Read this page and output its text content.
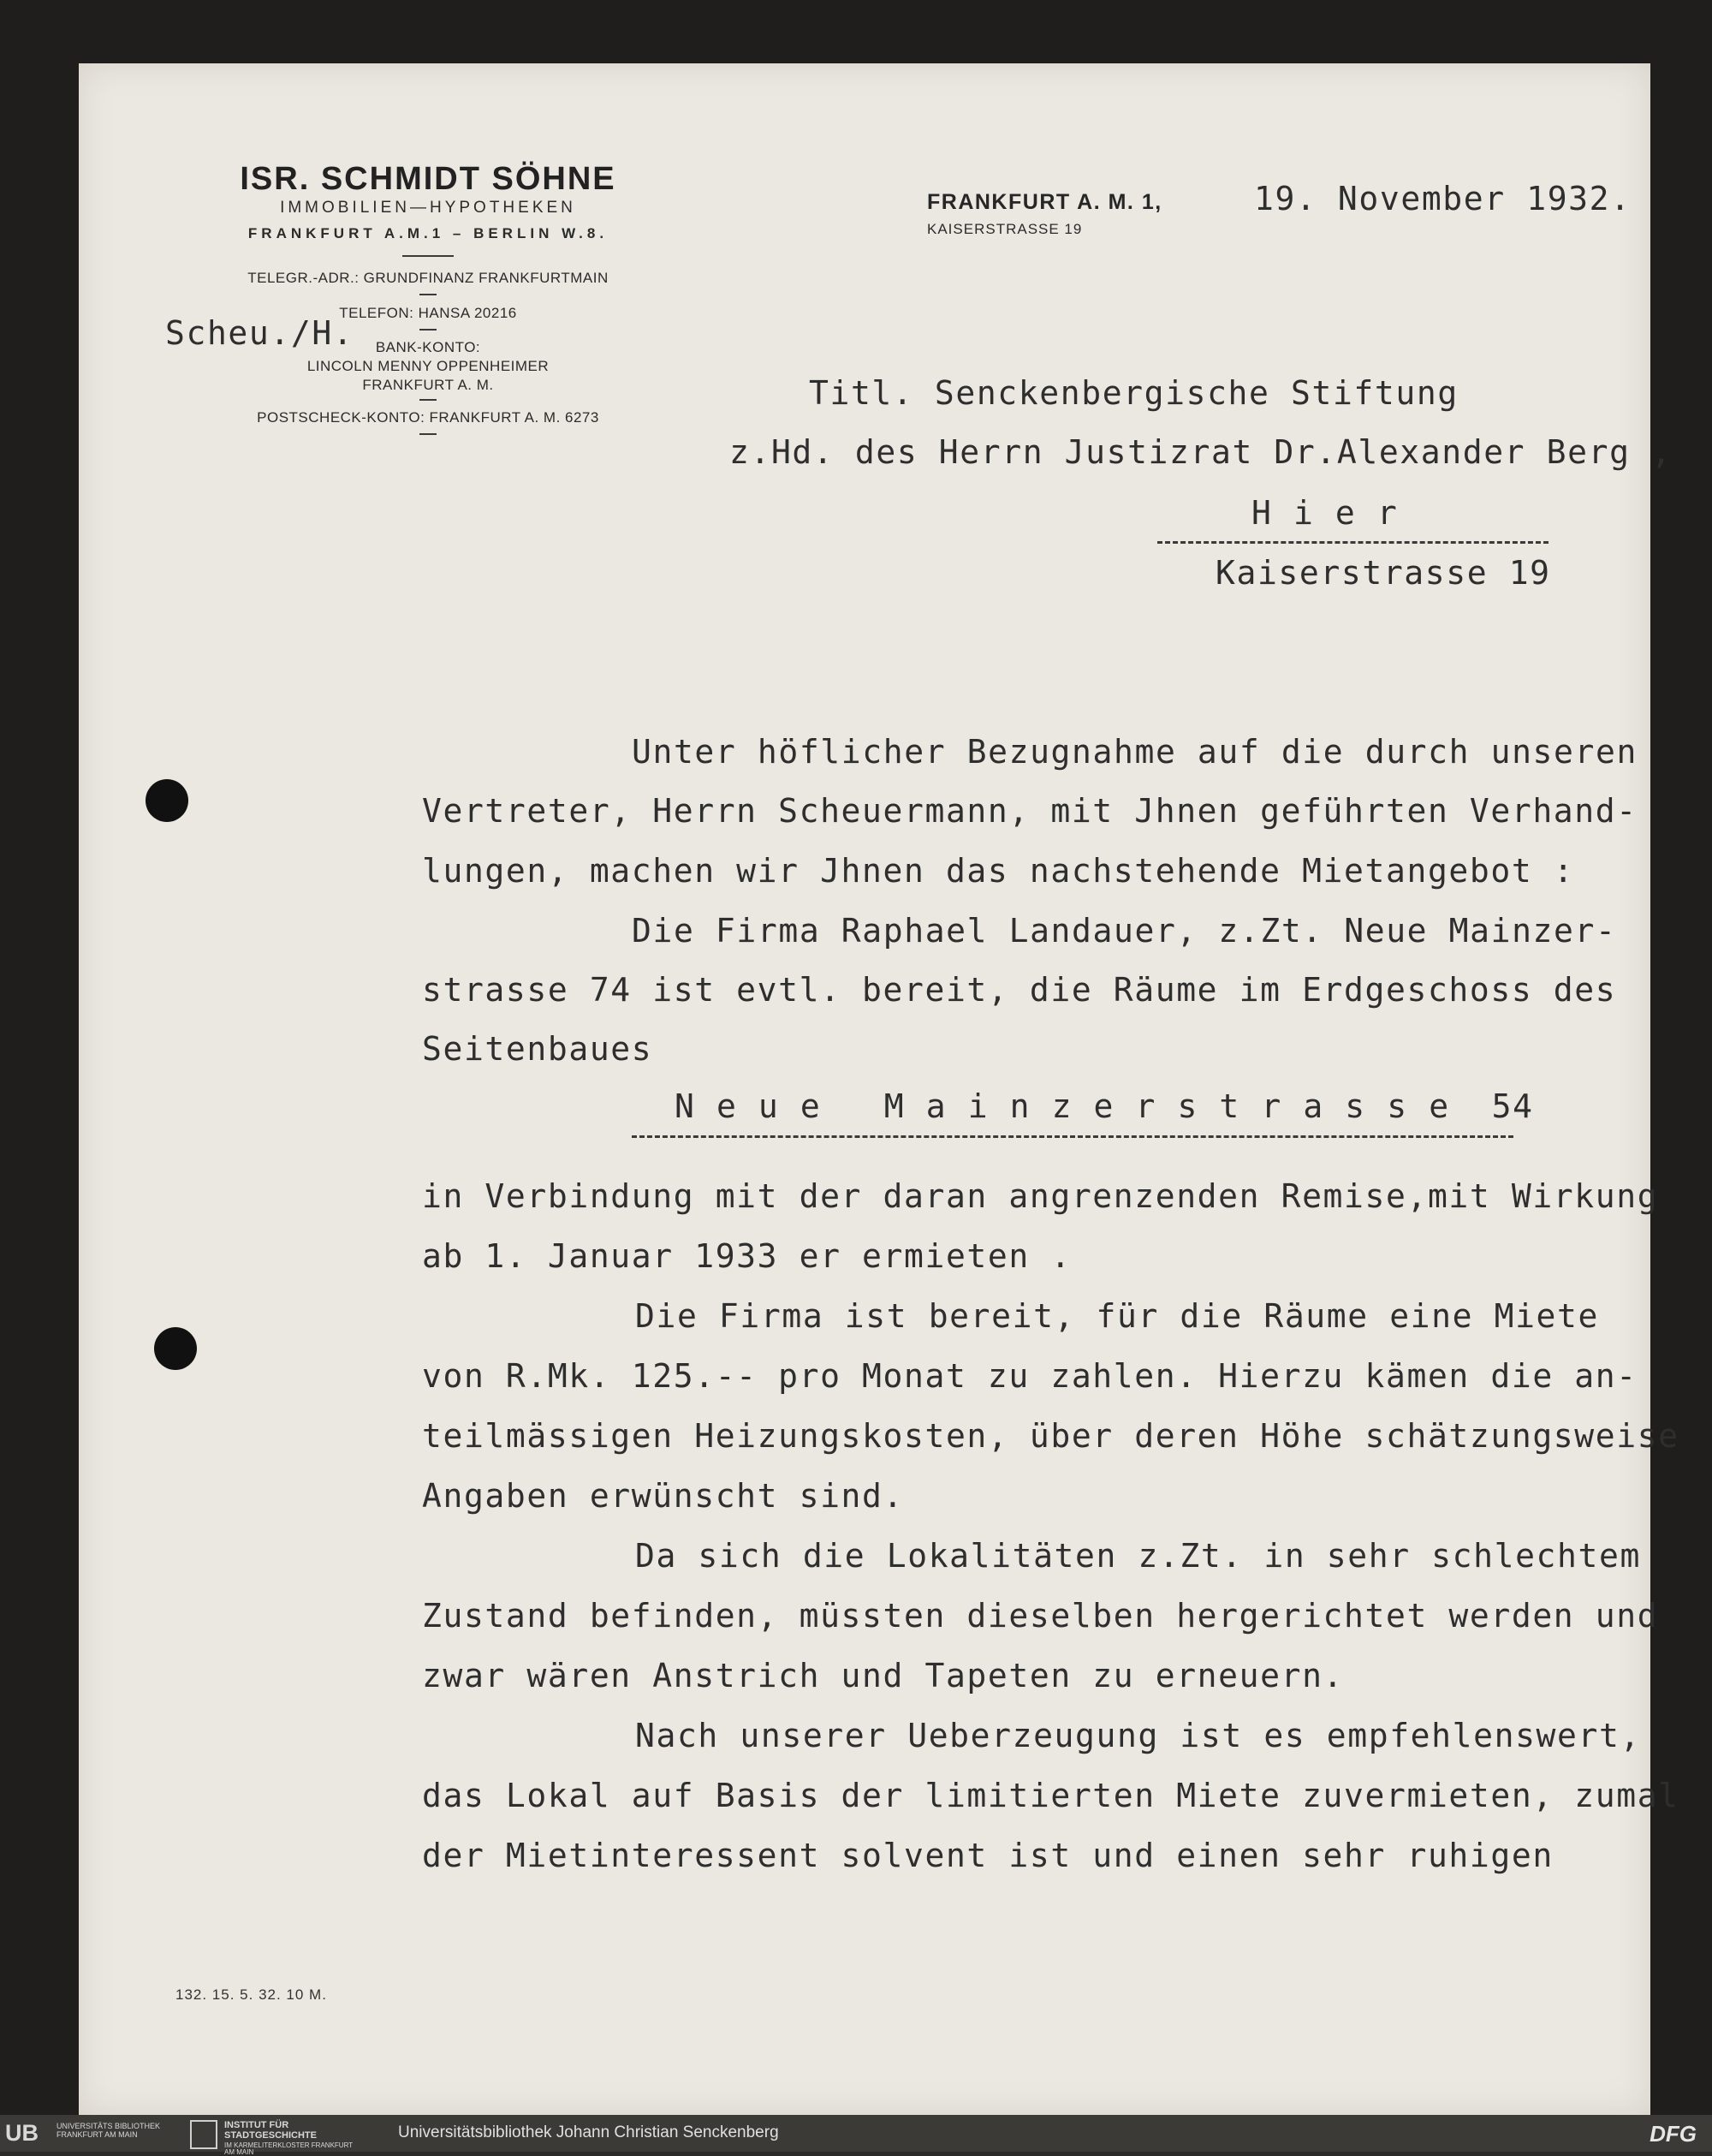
ISR. SCHMIDT SÖHNE
IMMOBILIEN—HYPOTHEKEN
FRANKFURT A.M.1 – BERLIN W.8.
TELEGR.-ADR.: GRUNDFINANZ FRANKFURTMAIN
TELEFON: HANSA 20216
BANK-KONTO:
LINCOLN MENNY OPPENHEIMER
FRANKFURT A. M.
POSTSCHECK-KONTO: FRANKFURT A. M. 6273
FRANKFURT A. M. 1,
KAISERSTRASSE 19
19. November 1932.
Scheu./H.
Titl. Senckenbergische Stiftung
z.Hd. des Herrn Justizrat Dr.Alexander Berg ,
H i e r
Kaiserstrasse 19
Unter höflicher Bezugnahme auf die durch unseren
Vertreter, Herrn Scheuermann, mit Jhnen geführten Verhand-
lungen, machen wir Jhnen das nachstehende Mietangebot :
Die Firma Raphael Landauer, z.Zt. Neue Mainzer-
strasse 74 ist evtl. bereit, die Räume im Erdgeschoss des
Seitenbaues
N e u e   M a i n z e r s t r a s s e  54
in Verbindung mit der daran angrenzenden Remise,mit Wirkung
ab 1. Januar 1933 er ermieten .
Die Firma ist bereit, für die Räume eine Miete
von R.Mk. 125.-- pro Monat zu zahlen. Hierzu kämen die an-
teilmässigen Heizungskosten, über deren Höhe schätzungsweise
Angaben erwünscht sind.
Da sich die Lokalitäten z.Zt. in sehr schlechtem
Zustand befinden, müssten dieselben hergerichtet werden und
zwar wären Anstrich und Tapeten zu erneuern.
Nach unserer Ueberzeugung ist es empfehlenswert,
das Lokal auf Basis der limitierten Miete zuvermieten, zumal
der Mietinteressent solvent ist und einen sehr ruhigen
132. 15. 5. 32. 10 M.
UB UNIVERSITÄTS BIBLIOTHEK FRANKFURT AM MAIN
INSTITUT FÜR STADTGESCHICHTE
IM KARMELITERKLOSTER FRANKFURT AM MAIN
Universitätsbibliothek Johann Christian Senckenberg	DFG
